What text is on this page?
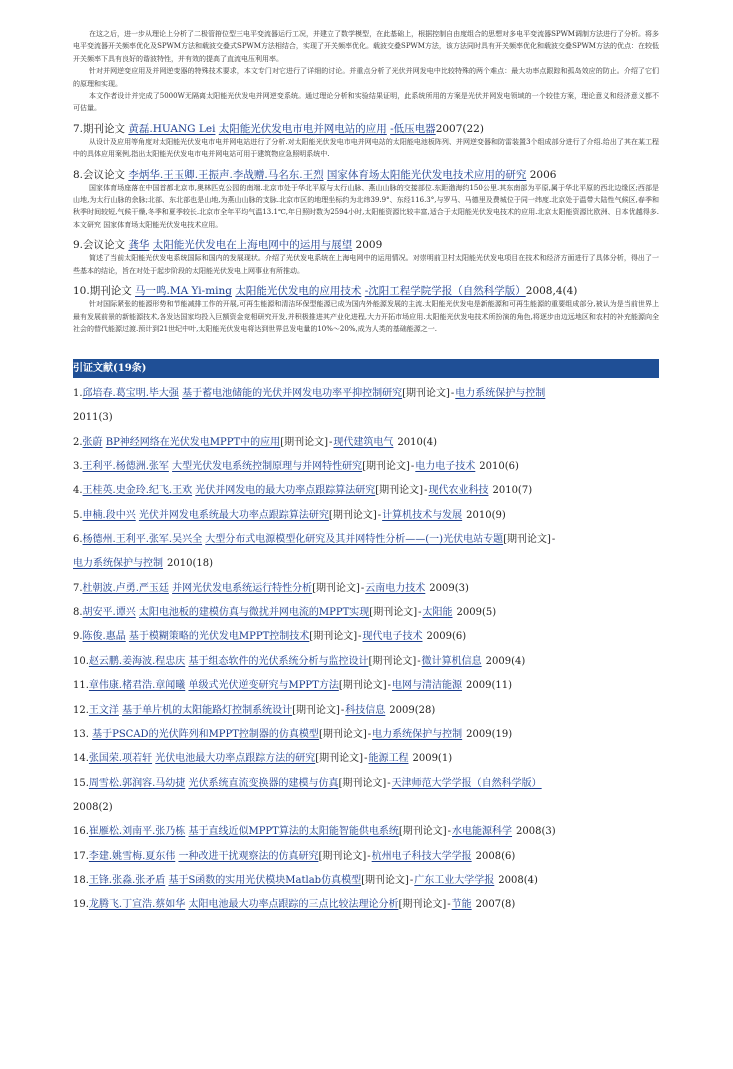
在这之后，进一步从理论上分析了二极管箝位型三电平变流器运行工况，并建立了数学模型，在此基础上，根据控制自由度组合的思想对多电平变流器SPWM调制方法进行了分析。将多电平变流器开关频率优化及SPWM方法和载波交叠式SPWM方法相结合，实现了开关频率优化。载波交叠SPWM方法，该方法同时具有开关频率优化和载波交叠SPWM方法的优点：在较低开关频率下具有良好的谐波特性，并有效的提高了直流电压利用率。

针对并网逆变应用及并网逆变器的特殊技术要求，本文专门对它进行了详细的讨论。并重点分析了光伏并网发电中比较特殊的两个难点：最大功率点跟踪和孤岛效应的防止。介绍了它们的原理和实现。

本文作者设计并完成了5000W无隔离太阳能光伏发电并网逆变系统。通过理论分析和实验结果证明，此系统所用的方案是光伏并网发电领域的一个较佳方案，理论意义和经济意义都不可估量。

7.期刊论文 黄磊.HUANG Lei 太阳能光伏发电市电并网电站的应用 -低压电器2007(22)

从设计及应用等角度对太阳能光伏发电市电并网电站进行了分析.对太阳能光伏发电市电并网电站的太阳能电池板阵列、并网逆变器和防雷装置3个组成部分进行了介绍.给出了其在某工程中的具体应用案例,指出太阳能光伏发电市电并网电站可用于建筑物应急照明系统中.

8.会议论文 李炳华.王玉卿.王振声.李战赠.马名东.王烈 国家体育场太阳能光伏发电技术应用的研究 2006

国家体育场座落在中国首都北京市,奥林匹克公园的南端.北京市处于华北平原与太行山脉、燕山山脉的交接部位.东距渤海约150公里.其东南部为平原,属于华北平原的西北边缘区;西部是山地,为太行山脉的余脉;北部、东北部也是山地,为燕山山脉的支脉.北京市区的地理坐标约为北纬39.9°、东经116.3°,与罗马、马德里及费城位于同一纬度.北京处于温带大陆性气候区,春季和秋季时间较短,气候干燥,冬季和夏季较长.北京市全年平均气温13.1℃,年日照时数为2594小时,太阳能资源比较丰富,适合于太阳能光伏发电技术的应用.北京太阳能资源比欧洲、日本优越得多.本文研究 国家体育场太阳能光伏发电技术应用。

9.会议论文 龚华 太阳能光伏发电在上海电网中的运用与展望 2009

简述了当前太阳能光伏发电系统国际和国内的发展现状。介绍了光伏发电系统在上海电网中的运用情况。对崇明前卫村太阳能光伏发电项目在技术和经济方面进行了具体分析，得出了一些基本的结论，旨在对处于起步阶段的太阳能光伏发电上网事业有所推动。

10.期刊论文 马一鸣.MA Yi-ming 太阳能光伏发电的应用技术 -沈阳工程学院学报（自然科学版）2008,4(4)

针对国际紧张的能源形势和节能减排工作的开展,可再生能源和清洁环保型能源已成为国内外能源发展的主流.太阳能光伏发电是新能源和可再生能源的重要组成部分,被认为是当前世界上最有发展前景的新能源技术,各发达国家均投入巨额资金竞相研究开发,并积极推进其产业化进程,大力开拓市场应用.太阳能光伏发电技术所扮演的角色,将逐步由边远地区和农村的补充能源向全社会的替代能源过渡.预计到21世纪中叶,太阳能光伏发电将达到世界总发电量的10%～20%,成为人类的基础能源之一.

引证文献(19条)
1.邱培春.葛宝明.毕大强 基于蓄电池储能的光伏并网发电功率平抑控制研究[期刊论文]-电力系统保护与控制
2011(3)
2.张蔚 BP神经网络在光伏发电MPPT中的应用[期刊论文]-现代建筑电气 2010(4)
3.王利平.杨德洲.张军 大型光伏发电系统控制原理与并网特性研究[期刊论文]-电力电子技术 2010(6)
4.王桂英.史金玲.纪飞.王欢 光伏并网发电的最大功率点跟踪算法研究[期刊论文]-现代农业科技 2010(7)
5.申楠.段中兴 光伏并网发电系统最大功率点跟踪算法研究[期刊论文]-计算机技术与发展 2010(9)
6.杨德州.王利平.张军.吴兴全 大型分布式电源模型化研究及其并网特性分析——(一)光伏电站专题[期刊论文]-
电力系统保护与控制 2010(18)
7.杜朝波.卢勇.严玉廷 并网光伏发电系统运行特性分析[期刊论文]-云南电力技术 2009(3)
8.胡安平.谭兴 太阳电池板的建模仿真与微扰并网电流的MPPT实现[期刊论文]-太阳能 2009(5)
9.陈俊.惠晶 基于模糊策略的光伏发电MPPT控制技术[期刊论文]-现代电子技术 2009(6)
10.赵云鹏.姜海波.程忠庆 基于组态软件的光伏系统分析与监控设计[期刊论文]-微计算机信息 2009(4)
11.章伟康.楮君浩.章闻曦 单级式光伏逆变研究与MPPT方法[期刊论文]-电网与清洁能源 2009(11)
12.王文洋 基于单片机的太阳能路灯控制系统设计[期刊论文]-科技信息 2009(28)
13. 基于PSCAD的光伏阵列和MPPT控制器的仿真模型[期刊论文]-电力系统保护与控制 2009(19)
14.张国荣.项若轩 光伏电池最大功率点跟踪方法的研究[期刊论文]-能源工程 2009(1)
15.周雪松.郭润容.马幼捷 光伏系统直流变换器的建模与仿真[期刊论文]-天津师范大学学报（自然科学版）
2008(2)
16.崔雁松.刘南平.张乃栋 基于直线近似MPPT算法的太阳能智能供电系统[期刊论文]-水电能源科学 2008(3)
17.李建.姚雪梅.夏东伟 一种改进干扰观察法的仿真研究[期刊论文]-杭州电子科技大学学报 2008(6)
18.王锋.张淼.张矛盾 基于S函数的实用光伏模块Matlab仿真模型[期刊论文]-广东工业大学学报 2008(4)
19.龙腾飞.丁宣浩.蔡如华 太阳电池最大功率点跟踪的三点比较法理论分析[期刊论文]-节能 2007(8)
